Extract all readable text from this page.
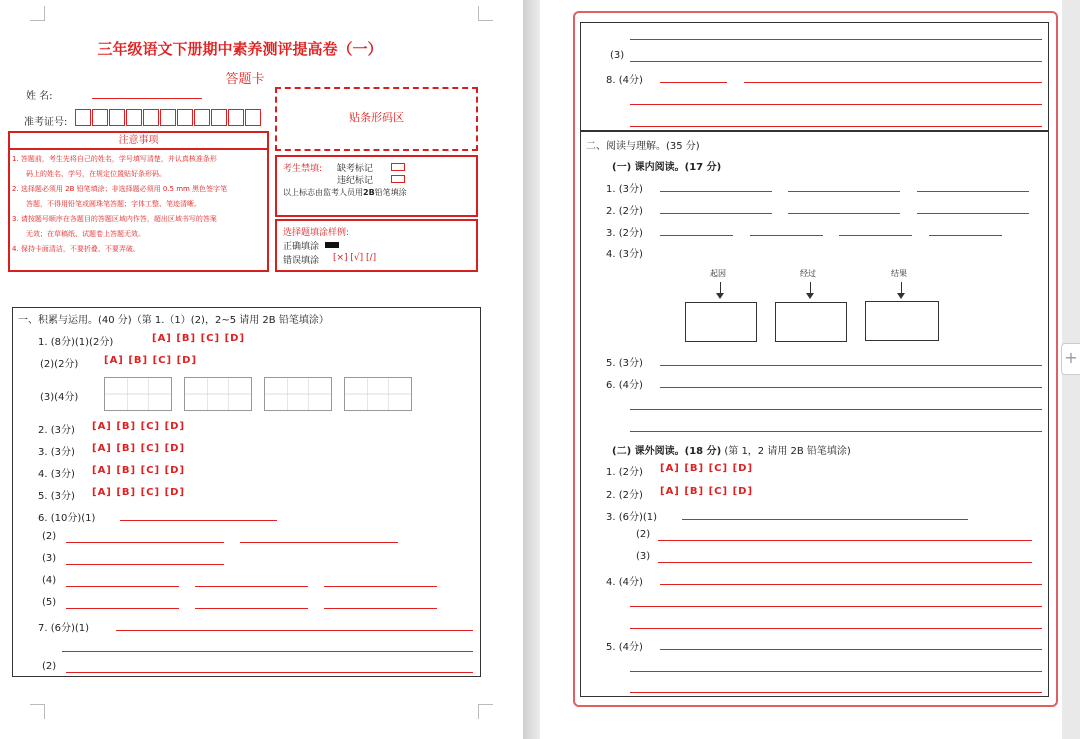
三年级语文下册期中素养测评提高卷（一）
答题卡
姓 名:
准考证号:	贴条形码区
注意事项
1. 答题前，考生先将自己的姓名，学号填写清楚，并认真核准条形
码上的姓名、学号，在规定位置贴好条形码。
2. 选择题必须用 2B 铅笔填涂；非选择题必须用 0.5 mm 黑色签字笔
答题，不得用铅笔或圆珠笔答题；字体工整、笔迹清晰。
3. 请按题号顺序在各题目的答题区域内作答，超出区域书写的答案
无效；在草稿纸、试题卷上答题无效。
4. 保持卡面清洁，不要折叠、不要弄破。
考生禁填: 缺考标记
违纪标记
以上标志由监考人员用2B铅笔填涂
选择题填涂样例:
正确填涂
错误填涂 [×] [√] [/]
一、积累与运用。(40 分)（第 1.（1）(2)，2~5 请用 2B 铅笔填涂）
1. (8分)(1)(2分)	[A] [B] [C] [D]
(2)(2分)	[A] [B] [C] [D]
(3)(4分)
2. (3分) [A] [B] [C] [D]
3. (3分) [A] [B] [C] [D]
4. (3分) [A] [B] [C] [D]
5. (3分) [A] [B] [C] [D]
6. (10分)(1)
(2)
(3)
(4)
(5)
7. (6分)(1)
(2)
(3)
8. (4分)
二、阅读与理解。(35 分)
(一) 课内阅读。(17 分)
1. (3分)
2. (2分)
3. (2分)
4. (3分)
起因	经过	结果
5. (3分)
6. (4分)
(二) 课外阅读。(18 分) (第 1，2 请用 2B 铅笔填涂)
1. (2分) [A] [B] [C] [D]
2. (2分) [A] [B] [C] [D]
3. (6分)(1)
(2)
(3)
4. (4分)
5. (4分)
+
